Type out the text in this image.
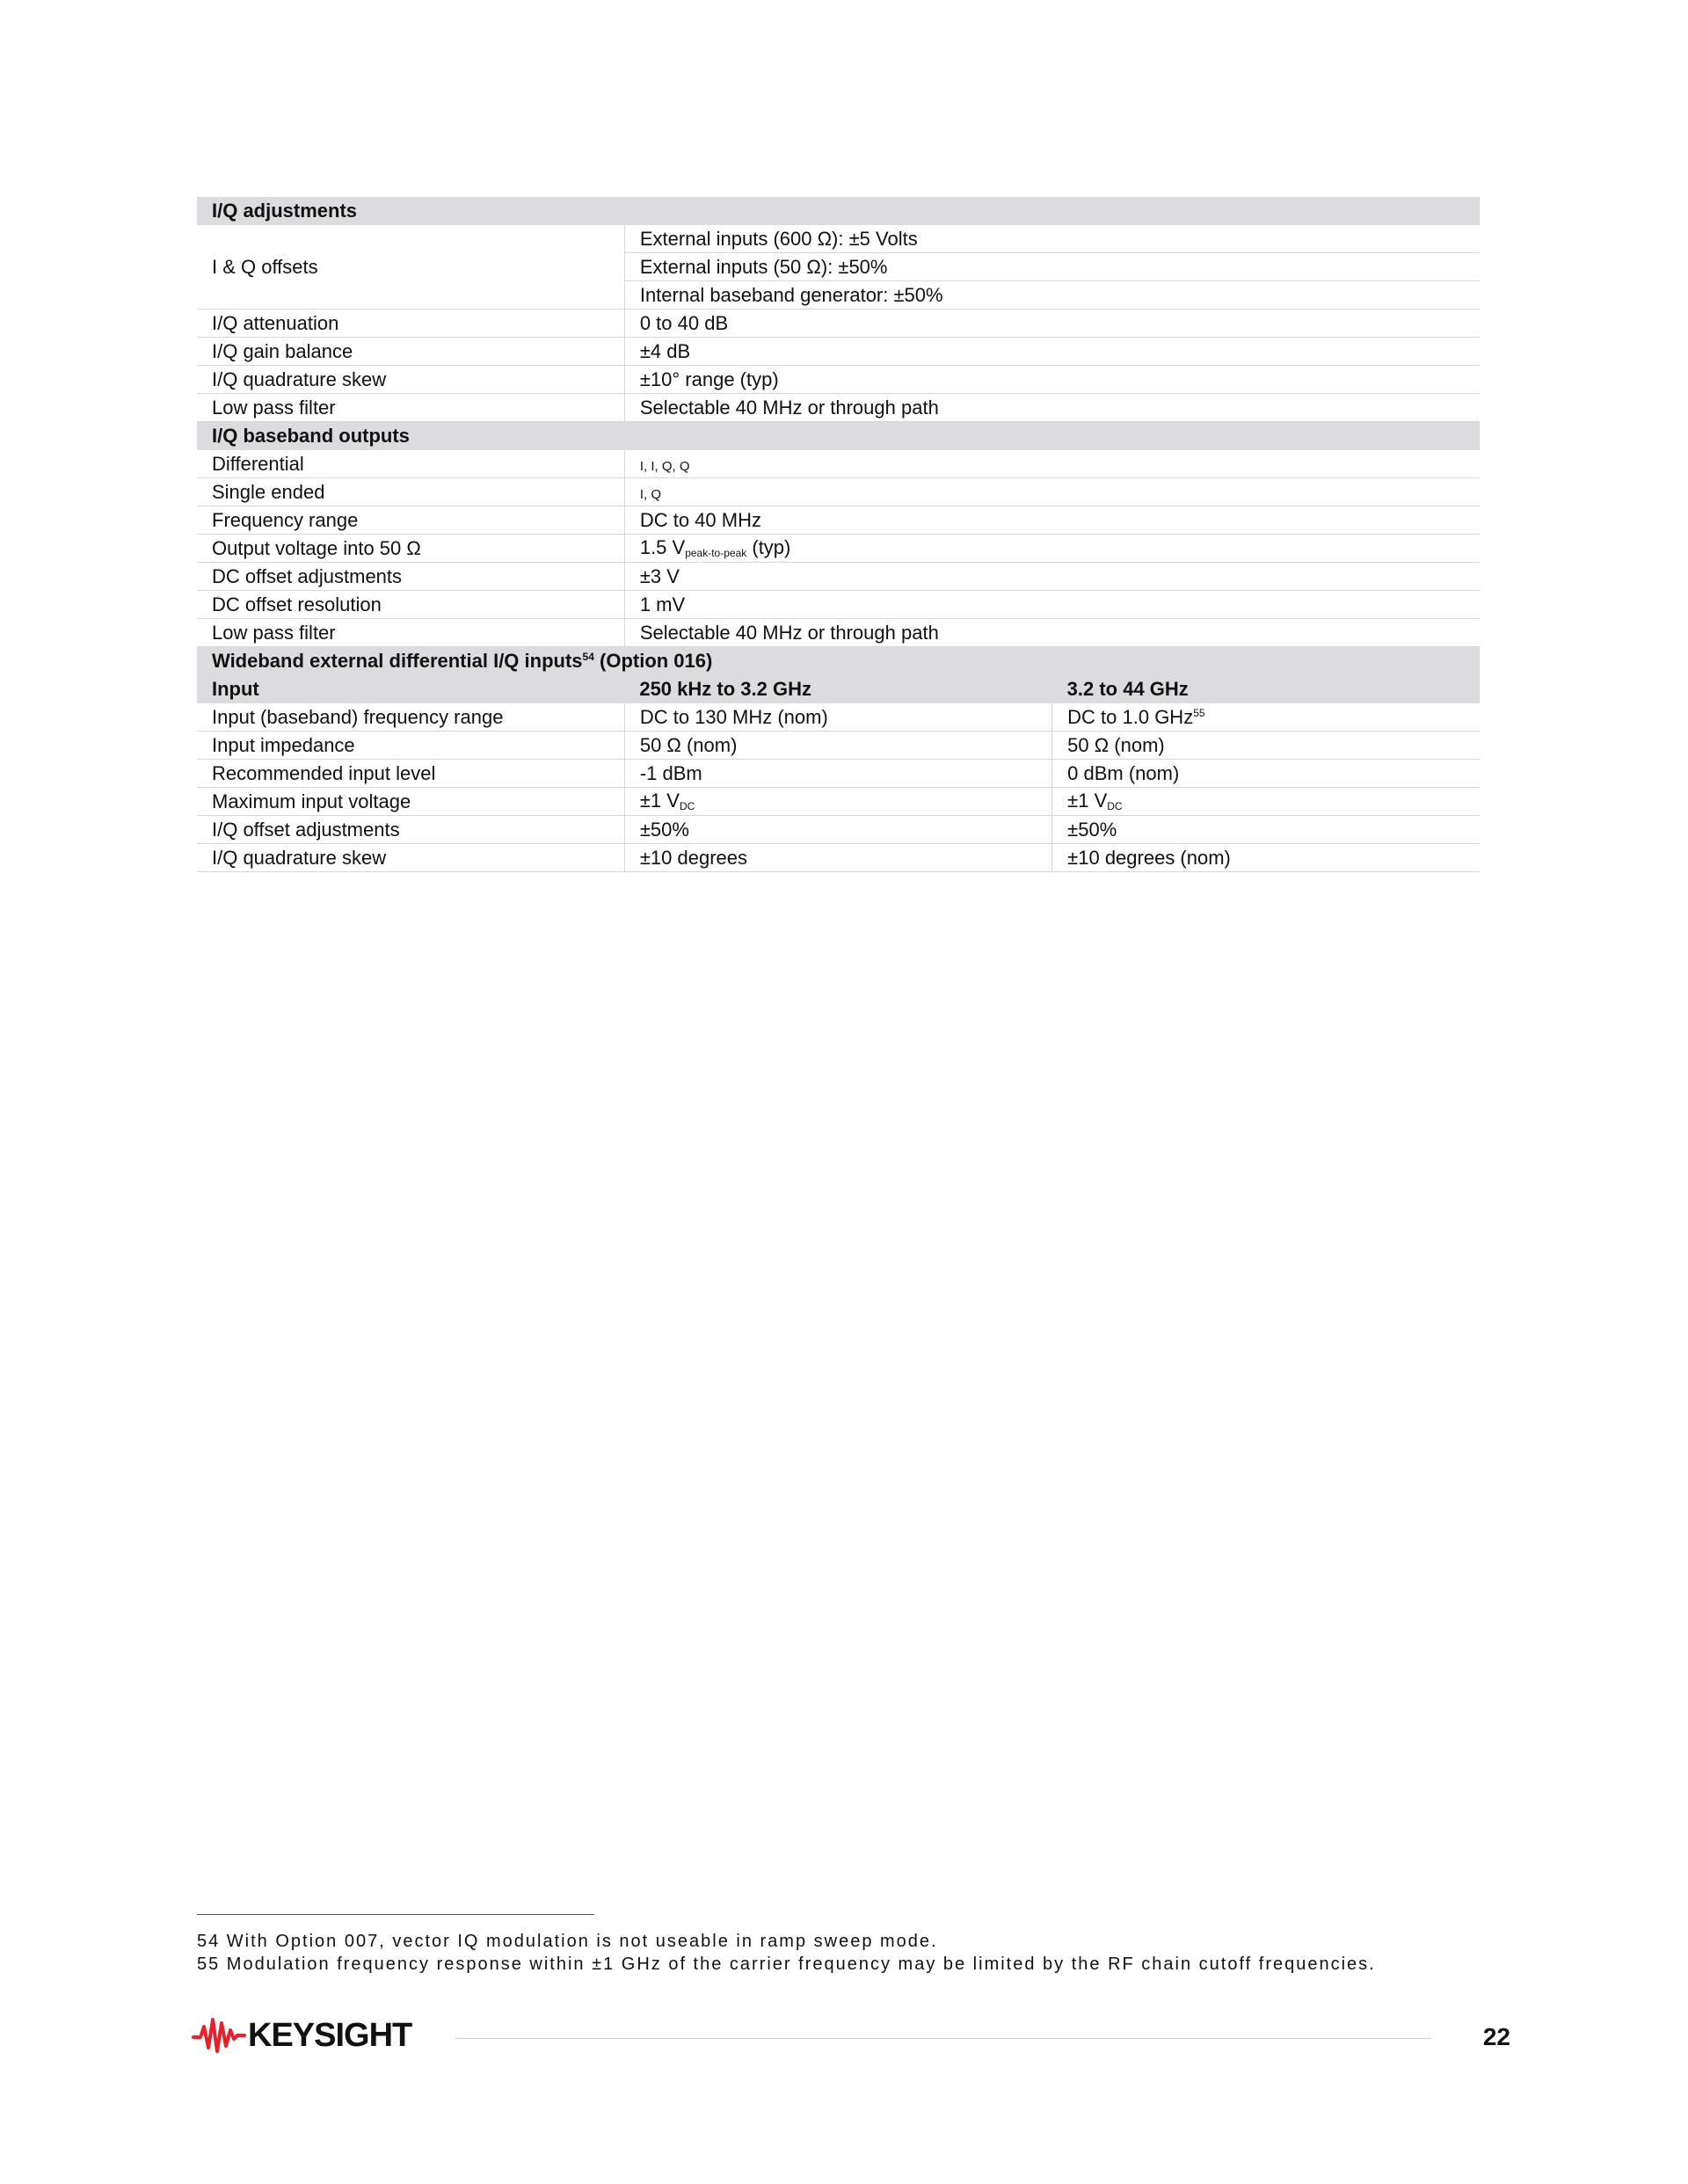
I/Q adjustments		
I & Q offsets	External inputs (600 Ω): ±5 Volts	
	External inputs (50 Ω): ±50%	
	Internal baseband generator: ±50%	
I/Q attenuation	0 to 40 dB	
I/Q gain balance	±4 dB	
I/Q quadrature skew	±10° range (typ)	
Low pass filter	Selectable 40 MHz or through path	
I/Q baseband outputs		
Differential	I, I, Q, Q	
Single ended	I, Q	
Frequency range	DC to 40 MHz	
Output voltage into 50 Ω	1.5 $V_{peak-to-peak}$ (typ)	
DC offset adjustments	±3 V	
DC offset resolution	1 mV	
Low pass filter	Selectable 40 MHz or through path	
Wideband external differential I/Q inputs$^{54}$ (Option 016)		
Input	250 kHz to 3.2 GHz	3.2 to 44 GHz
Input (baseband) frequency range	DC to 130 MHz (nom)	DC to 1.0 GHz$^{55}$
Input impedance	50 Ω (nom)	50 Ω (nom)
Recommended input level	-1 dBm	0 dBm (nom)
Maximum input voltage	±1 $V_{DC}$	±1 $V_{DC}$
I/Q offset adjustments	±50%	±50%
I/Q quadrature skew	±10 degrees	±10 degrees (nom)
54 With Option 007, vector IQ modulation is not useable in ramp sweep mode.
55 Modulation frequency response within ±1 GHz of the carrier frequency may be limited by the RF chain cutoff frequencies.
KEYSIGHT	22
